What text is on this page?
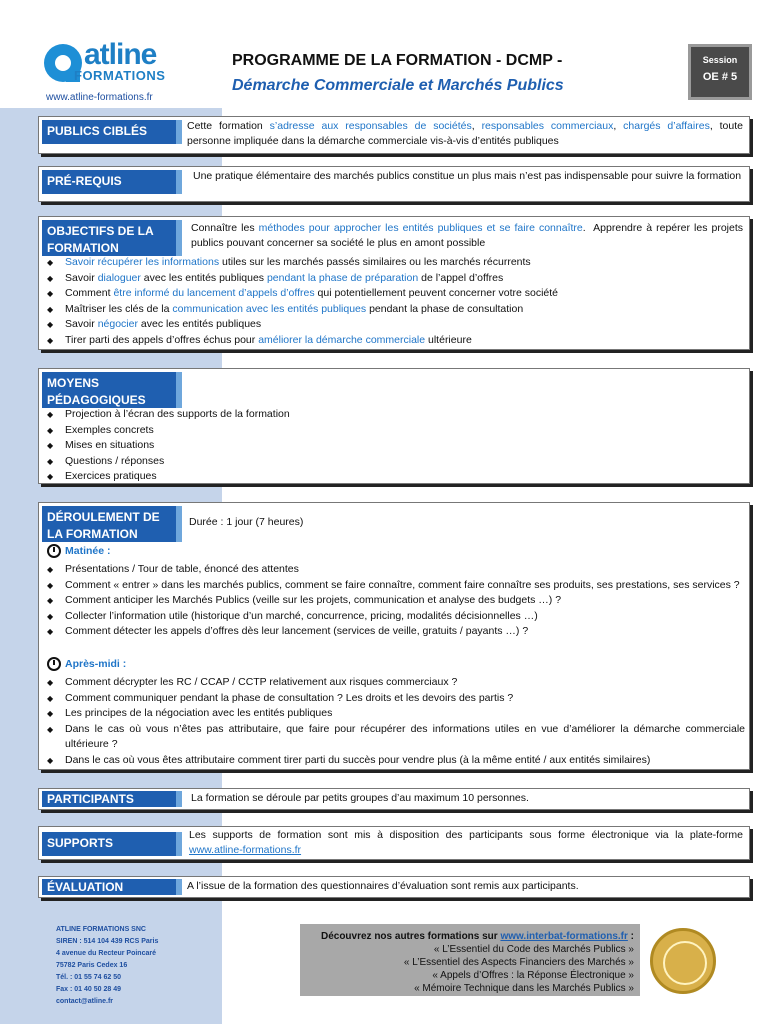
atline
FORMATIONS
www.atline-formations.fr
PROGRAMME DE LA FORMATION - DCMP -
Démarche Commerciale et Marchés Publics
Session
OE # 5
PUBLICS CIBLÉS	Cette formation s’adresse aux responsables de sociétés, responsables commerciaux, chargés d’affaires, toute personne impliquée dans la démarche commerciale vis-à-vis d’entités publiques
PRÉ-REQUIS	Une pratique élémentaire des marchés publics constitue un plus mais n’est pas indispensable pour suivre la formation
OBJECTIFS DE LA FORMATION
Connaître les méthodes pour approcher les entités publiques et se faire connaître.  Apprendre à repérer les projets publics pouvant concerner sa société le plus en amont possible
◆ Savoir récupérer les informations utiles sur les marchés passés similaires ou les marchés récurrents
◆ Savoir dialoguer avec les entités publiques pendant la phase de préparation de l’appel d’offres
◆ Comment être informé du lancement d’appels d’offres qui potentiellement peuvent concerner votre société
◆ Maîtriser les clés de la communication avec les entités publiques pendant la phase de consultation
◆ Savoir négocier avec les entités publiques
◆ Tirer parti des appels d’offres échus pour améliorer la démarche commerciale ultérieure
MOYENS PÉDAGOGIQUES
◆ Projection à l’écran des supports de la formation
◆ Exemples concrets
◆ Mises en situations
◆ Questions / réponses
◆ Exercices pratiques
DÉROULEMENT DE LA FORMATION
Durée : 1 jour (7 heures)
Matinée :
◆ Présentations / Tour de table, énoncé des attentes
◆ Comment « entrer » dans les marchés publics, comment se faire connaître, comment faire connaître ses produits, ses prestations, ses services ?
◆ Comment anticiper les Marchés Publics (veille sur les projets, communication et analyse des budgets …) ?
◆ Collecter l’information utile (historique d’un marché, concurrence, pricing, modalités décisionnelles …)
◆ Comment détecter les appels d’offres dès leur lancement (services de veille, gratuits / payants …) ?
Après-midi :
◆ Comment décrypter les RC / CCAP / CCTP relativement aux risques commerciaux ?
◆ Comment communiquer pendant la phase de consultation ? Les droits et les devoirs des partis ?
◆ Les principes de la négociation avec les entités publiques
◆ Dans le cas où vous n’êtes pas attributaire, que faire pour récupérer des informations utiles en vue d’améliorer la démarche commerciale ultérieure ?
◆ Dans le cas où vous êtes attributaire comment tirer parti du succès pour vendre plus (à la même entité / aux entités similaires)
PARTICIPANTS	La formation se déroule par petits groupes d’au maximum 10 personnes.
SUPPORTS
Les supports de formation sont mis à disposition des participants sous forme électronique via la plate-forme www.atline-formations.fr
ÉVALUATION	A l’issue de la formation des questionnaires d’évaluation sont remis aux participants.
ATLINE FORMATIONS SNC
SIREN : 514 104 439 RCS Paris
4 avenue du Recteur Poincaré
75782 Paris Cedex 16
Tél. : 01 55 74 62 50
Fax : 01 40 50 28 49
contact@atline.fr
Découvrez nos autres formations sur www.interbat-formations.fr :
« L’Essentiel du Code des Marchés Publics »
« L’Essentiel des Aspects Financiers des Marchés »
« Appels d’Offres : la Réponse Électronique »
« Mémoire Technique dans les Marchés Publics »
